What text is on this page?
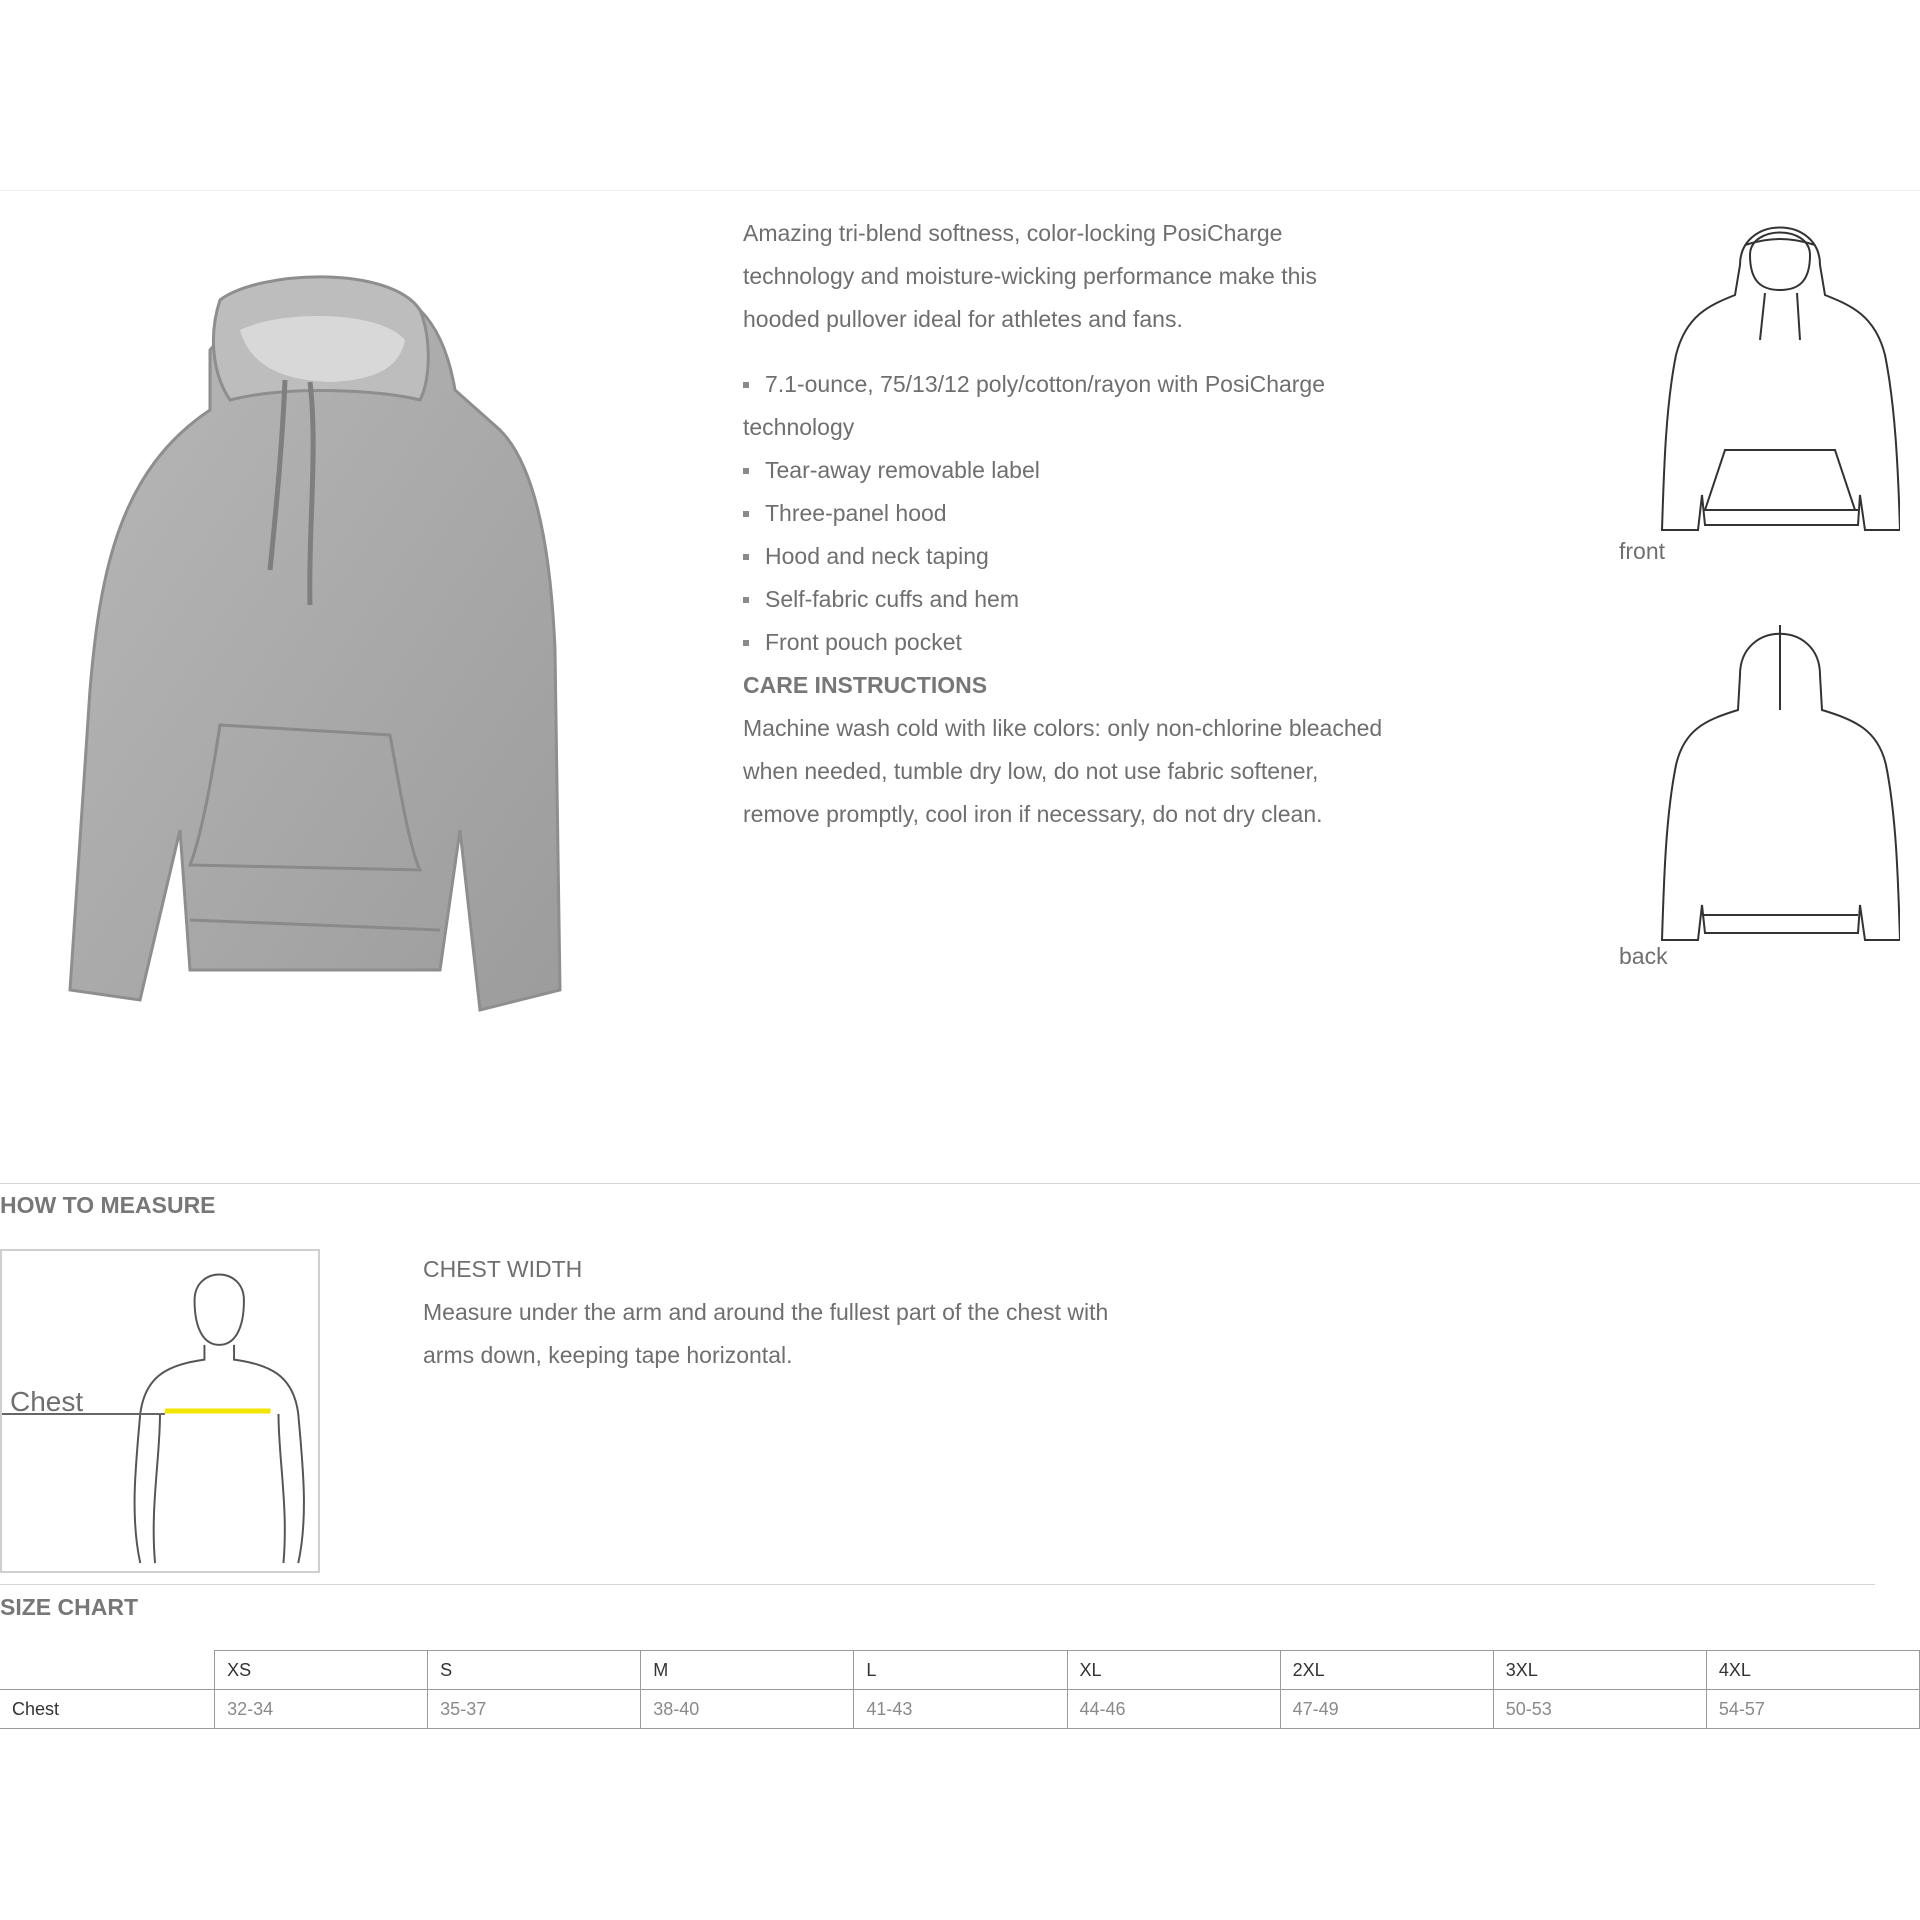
Amazing tri-blend softness, color-locking PosiCharge technology and moisture-wicking performance make this hooded pullover ideal for athletes and fans.

7.1-ounce, 75/13/12 poly/cotton/rayon with PosiCharge technology
Tear-away removable label
Three-panel hood
Hood and neck taping
Self-fabric cuffs and hem
Front pouch pocket

CARE INSTRUCTIONS

Machine wash cold with like colors: only non-chlorine bleached when needed, tumble dry low, do not use fabric softener, remove promptly, cool iron if necessary, do not dry clean.

front
back
HOW TO MEASURE
Chest

CHEST WIDTH

Measure under the arm and around the fullest part of the chest with arms down, keeping tape horizontal.

SIZE CHART
	XS	S	M	L	XL	2XL	3XL	4XL
Chest	32-34	35-37	38-40	41-43	44-46	47-49	50-53	54-57
